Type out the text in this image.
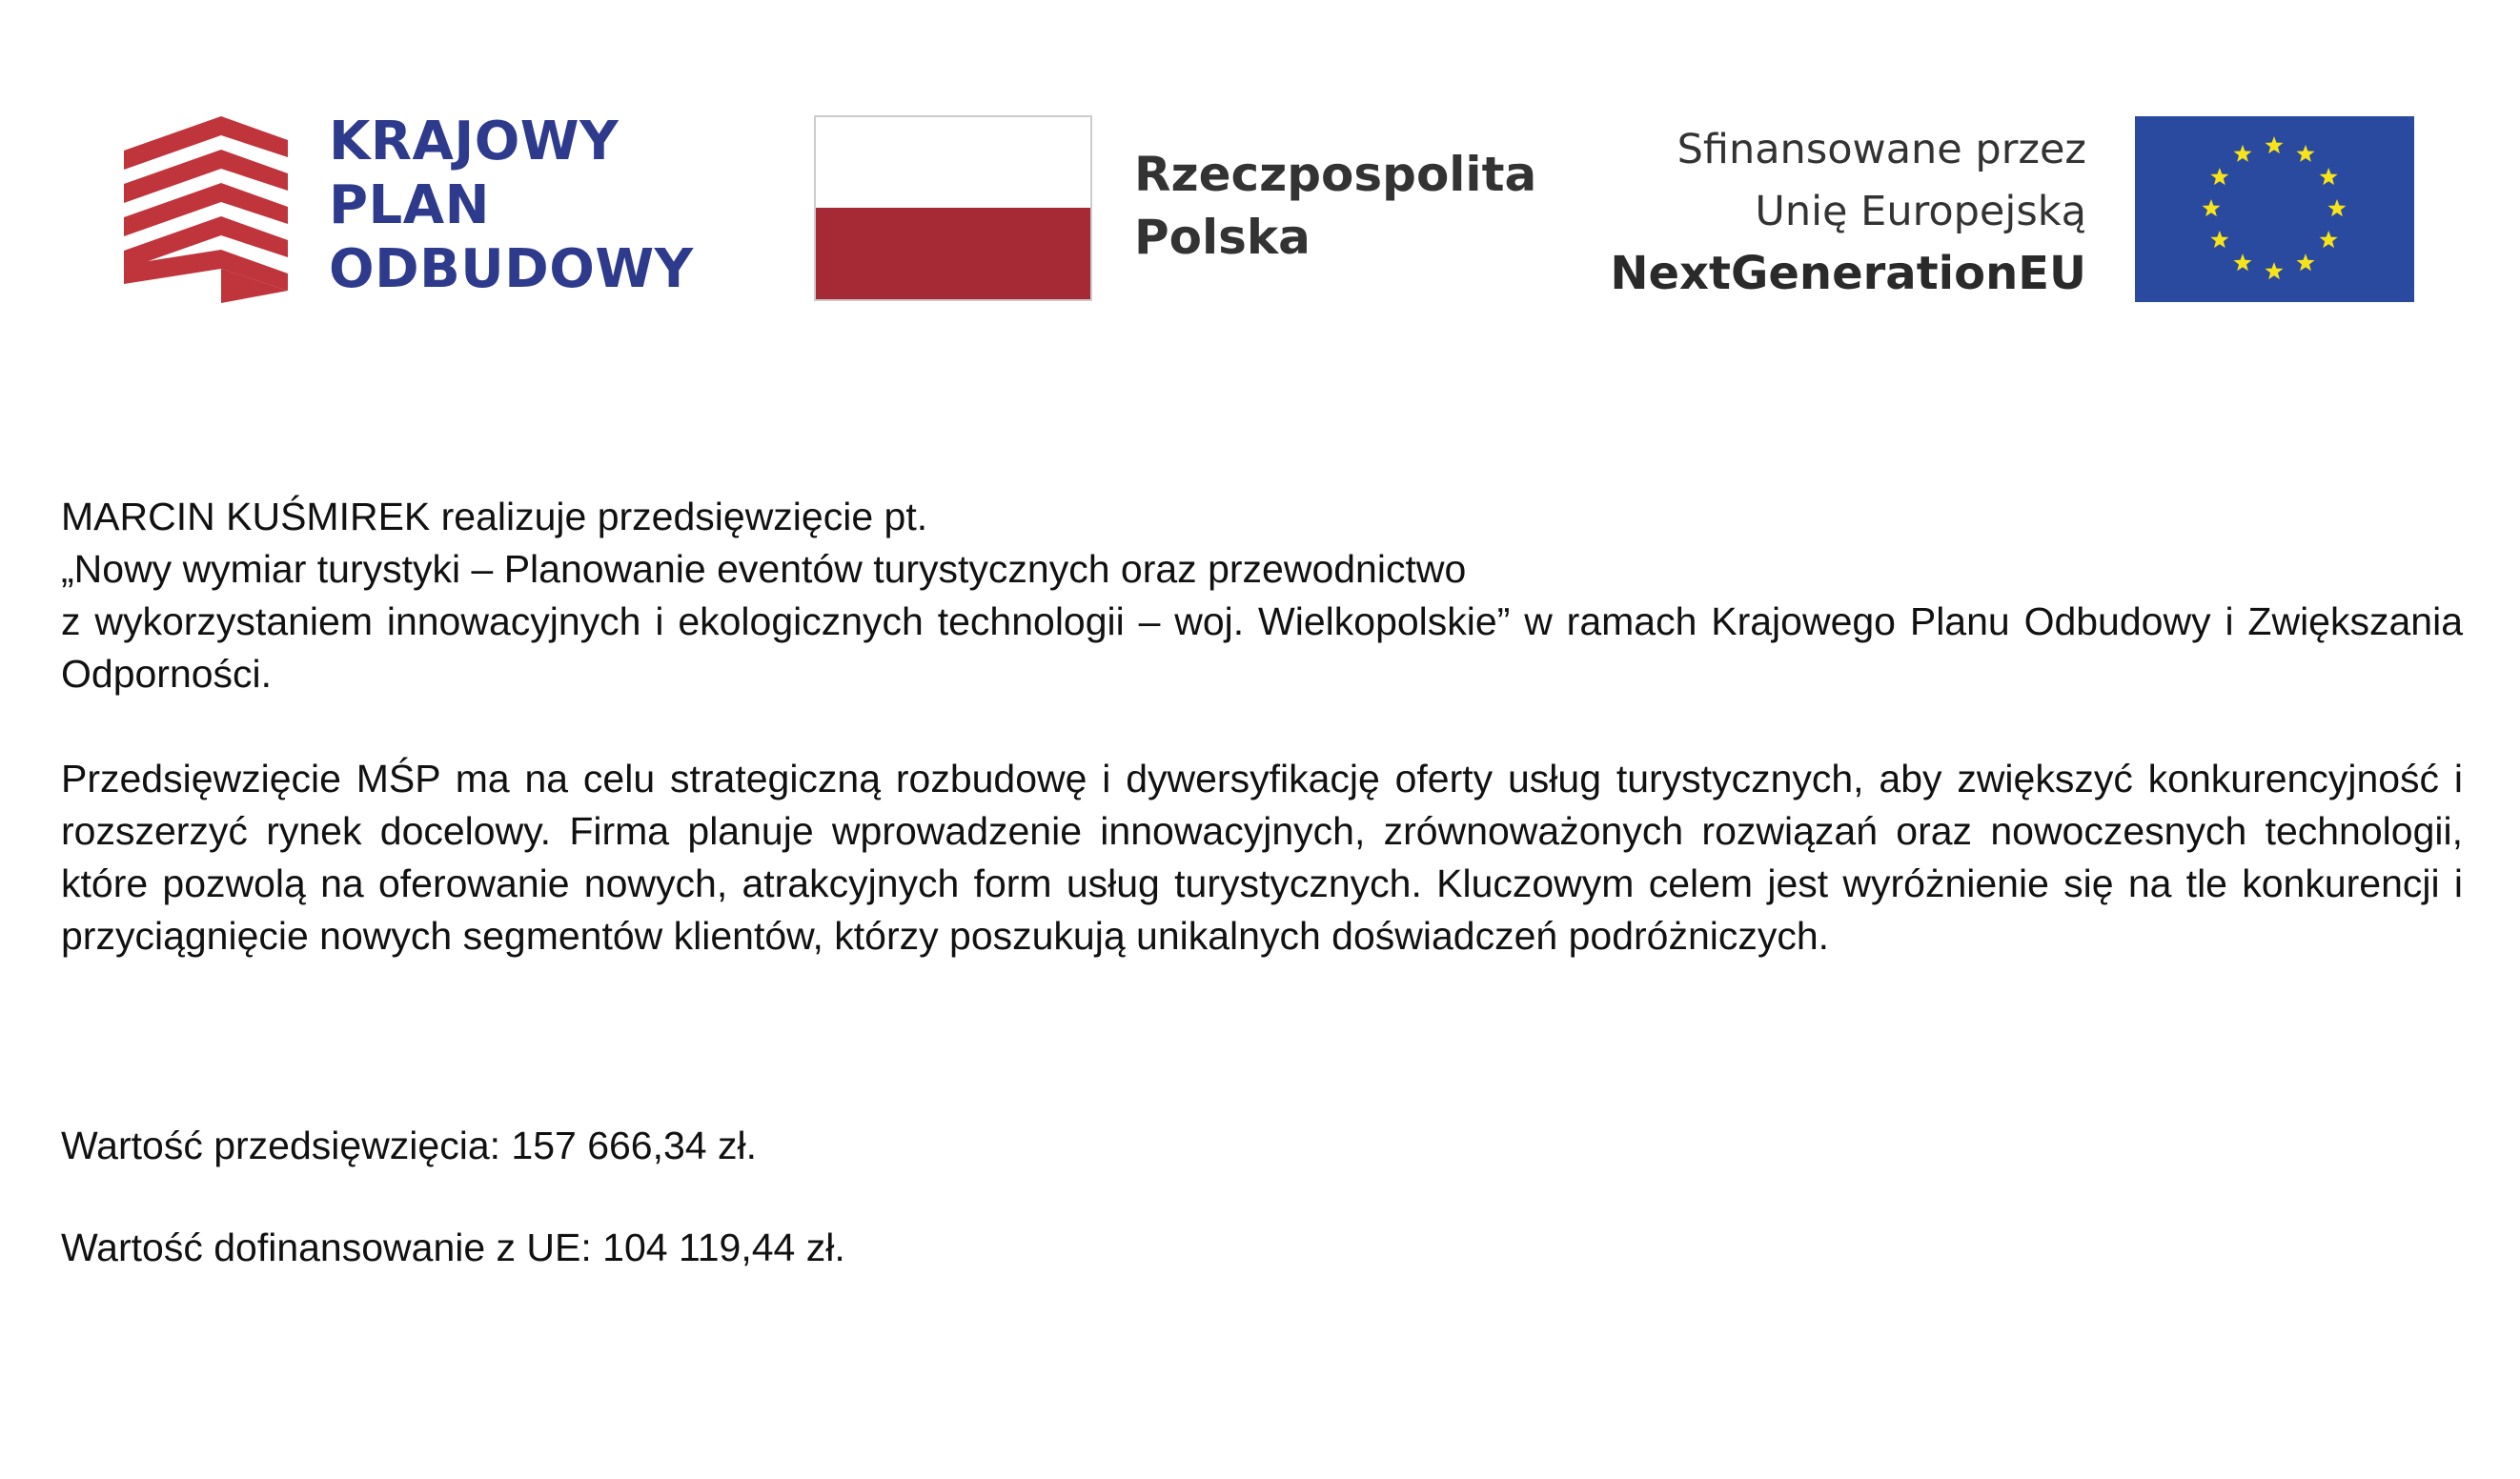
KRAJOWY
PLAN
ODBUDOWY
Rzeczpospolita
Polska
Sfinansowane przez
Unię Europejską
NextGenerationEU

MARCIN KUŚMIREK realizuje przedsięwzięcie pt.
„Nowy wymiar turystyki – Planowanie eventów turystycznych oraz przewodnictwo
z wykorzystaniem innowacyjnych i ekologicznych technologii – woj. Wielkopolskie” w ramach Krajowego Planu Odbudowy i Zwiększania Odporności.

Przedsięwzięcie MŚP ma na celu strategiczną rozbudowę i dywersyfikację oferty usług turystycznych, aby zwiększyć konkurencyjność i rozszerzyć rynek docelowy. Firma planuje wprowadzenie innowacyjnych, zrównoważonych rozwiązań oraz nowoczesnych technologii, które pozwolą na oferowanie nowych, atrakcyjnych form usług turystycznych. Kluczowym celem jest wyróżnienie się na tle konkurencji i przyciągnięcie nowych segmentów klientów, którzy poszukują unikalnych doświadczeń podróżniczych.

Wartość przedsięwzięcia: 157 666,34 zł.

Wartość dofinansowanie z UE: 104 119,44 zł.
